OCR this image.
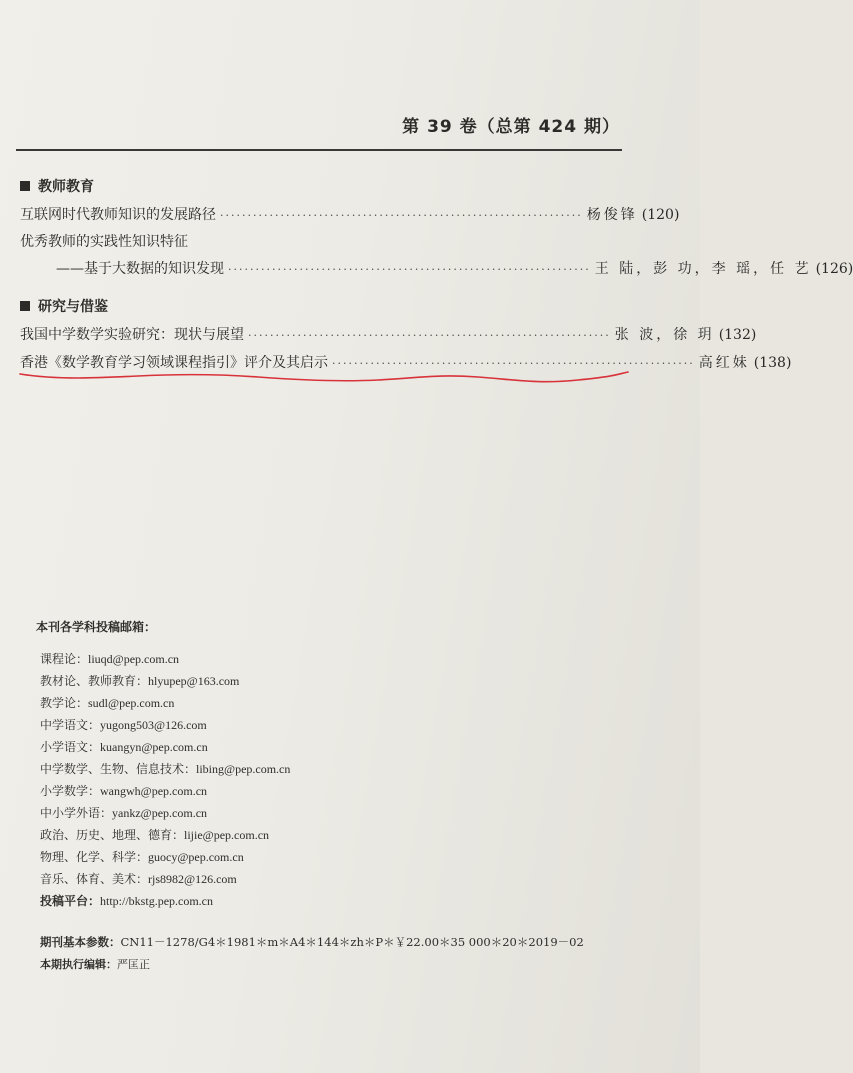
第 39 卷（总第 424 期）
教师教育
互联网时代教师知识的发展路径 ·································································· 杨俊锋 (120)
优秀教师的实践性知识特征
——基于大数据的知识发现 ·································································· 王 陆，彭 功，李 瑶，任 艺 (126)
研究与借鉴
我国中学数学实验研究：现状与展望 ·································································· 张 波，徐 玥 (132)
香港《数学教育学习领域课程指引》评介及其启示 ·································································· 高红妹 (138)
本刊各学科投稿邮箱：
课程论：liuqd@pep.com.cn
教材论、教师教育：hlyupep@163.com
教学论：sudl@pep.com.cn
中学语文：yugong503@126.com
小学语文：kuangyn@pep.com.cn
中学数学、生物、信息技术：libing@pep.com.cn
小学数学：wangwh@pep.com.cn
中小学外语：yankz@pep.com.cn
政治、历史、地理、德育：lijie@pep.com.cn
物理、化学、科学：guocy@pep.com.cn
音乐、体育、美术：rjs8982@126.com
投稿平台：http://bkstg.pep.com.cn
期刊基本参数：CN11－1278/G4＊1981＊m＊A4＊144＊zh＊P＊￥22.00＊35 000＊20＊2019－02
本期执行编辑：严匡正
